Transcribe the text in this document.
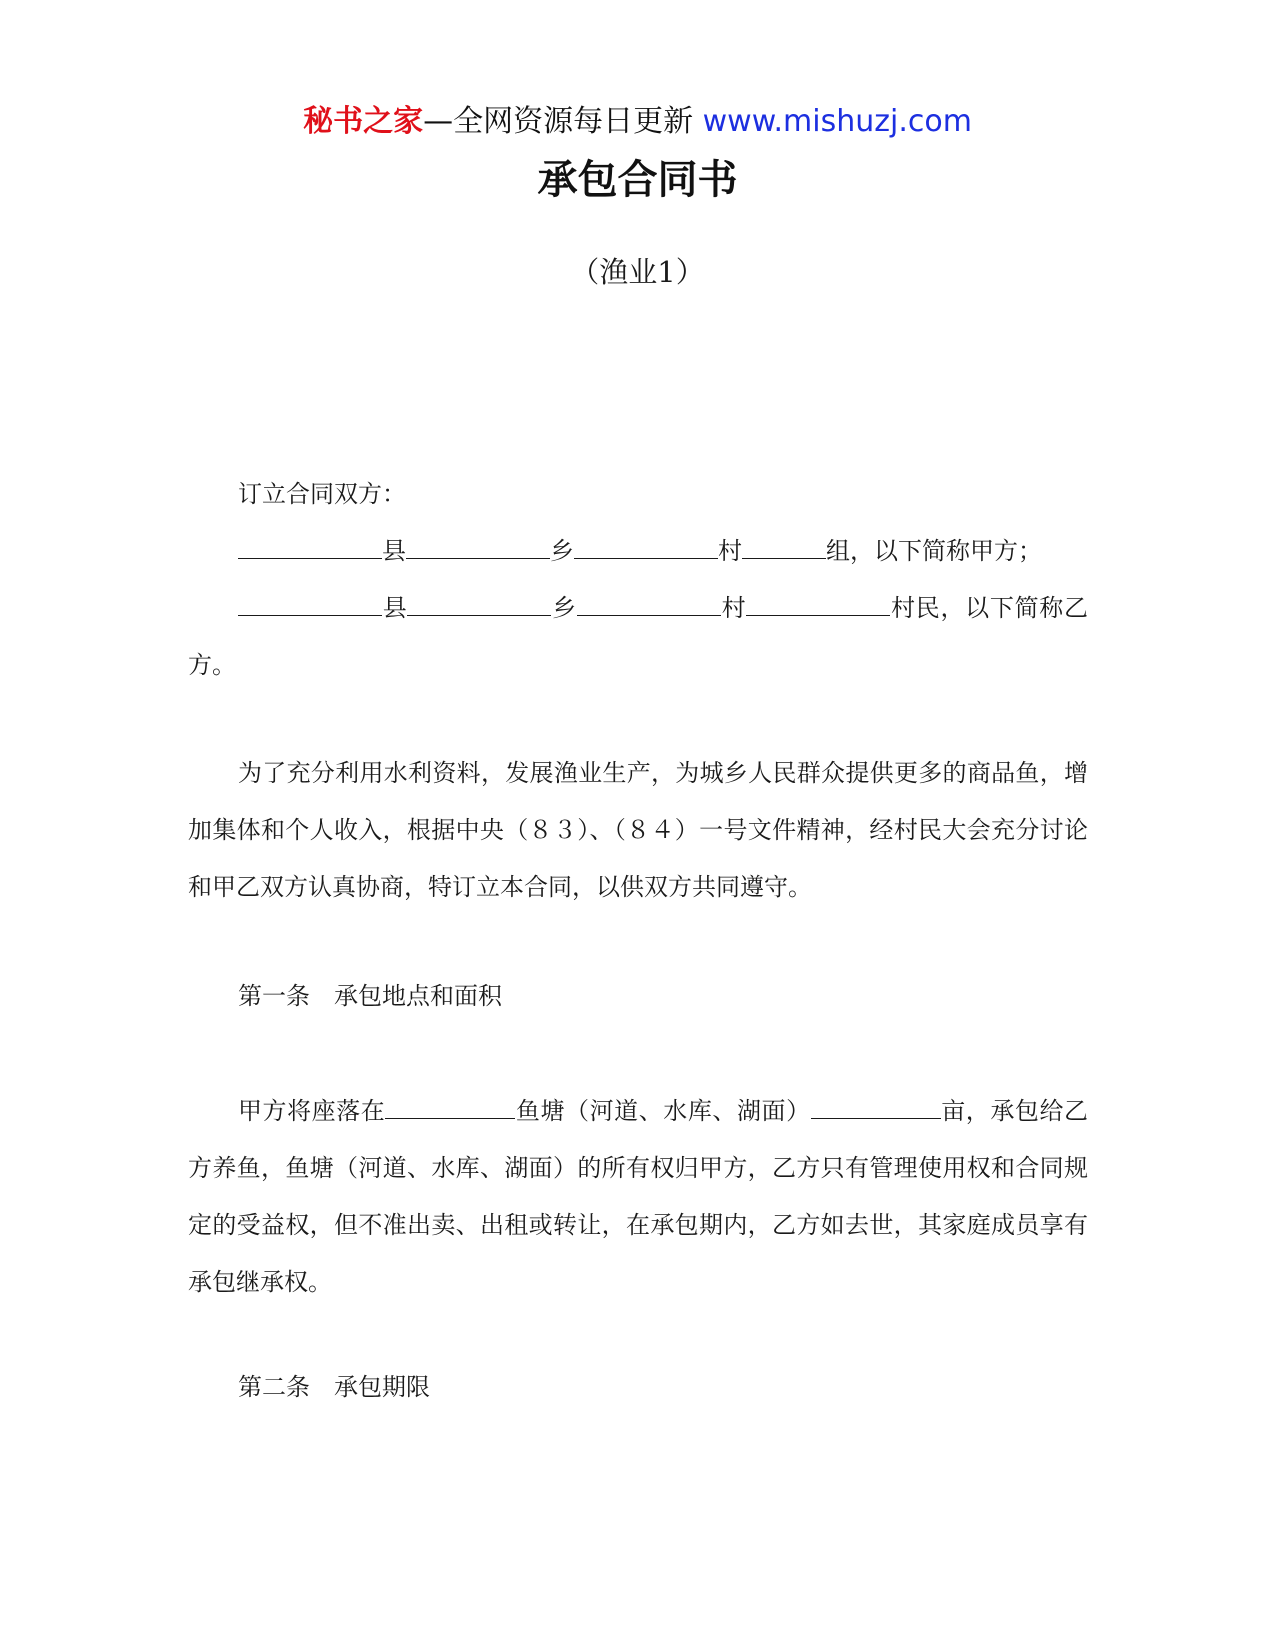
秘书之家—全网资源每日更新 www.mishuzj.com
承包合同书
（渔业1）

订立合同双方：

县	乡	村	组，以下简称甲方；

县	乡	村	村民，以下简称乙方。

为了充分利用水利资料，发展渔业生产，为城乡人民群众提供更多的商品鱼，增加集体和个人收入，根据中央（８３）、（８４）一号文件精神，经村民大会充分讨论和甲乙双方认真协商，特订立本合同，以供双方共同遵守。

第一条　承包地点和面积

甲方将座落在	鱼塘（河道、水库、湖面）	亩，承包给乙方养鱼，鱼塘（河道、水库、湖面）的所有权归甲方，乙方只有管理使用权和合同规定的受益权，但不准出卖、出租或转让，在承包期内，乙方如去世，其家庭成员享有承包继承权。

第二条　承包期限
